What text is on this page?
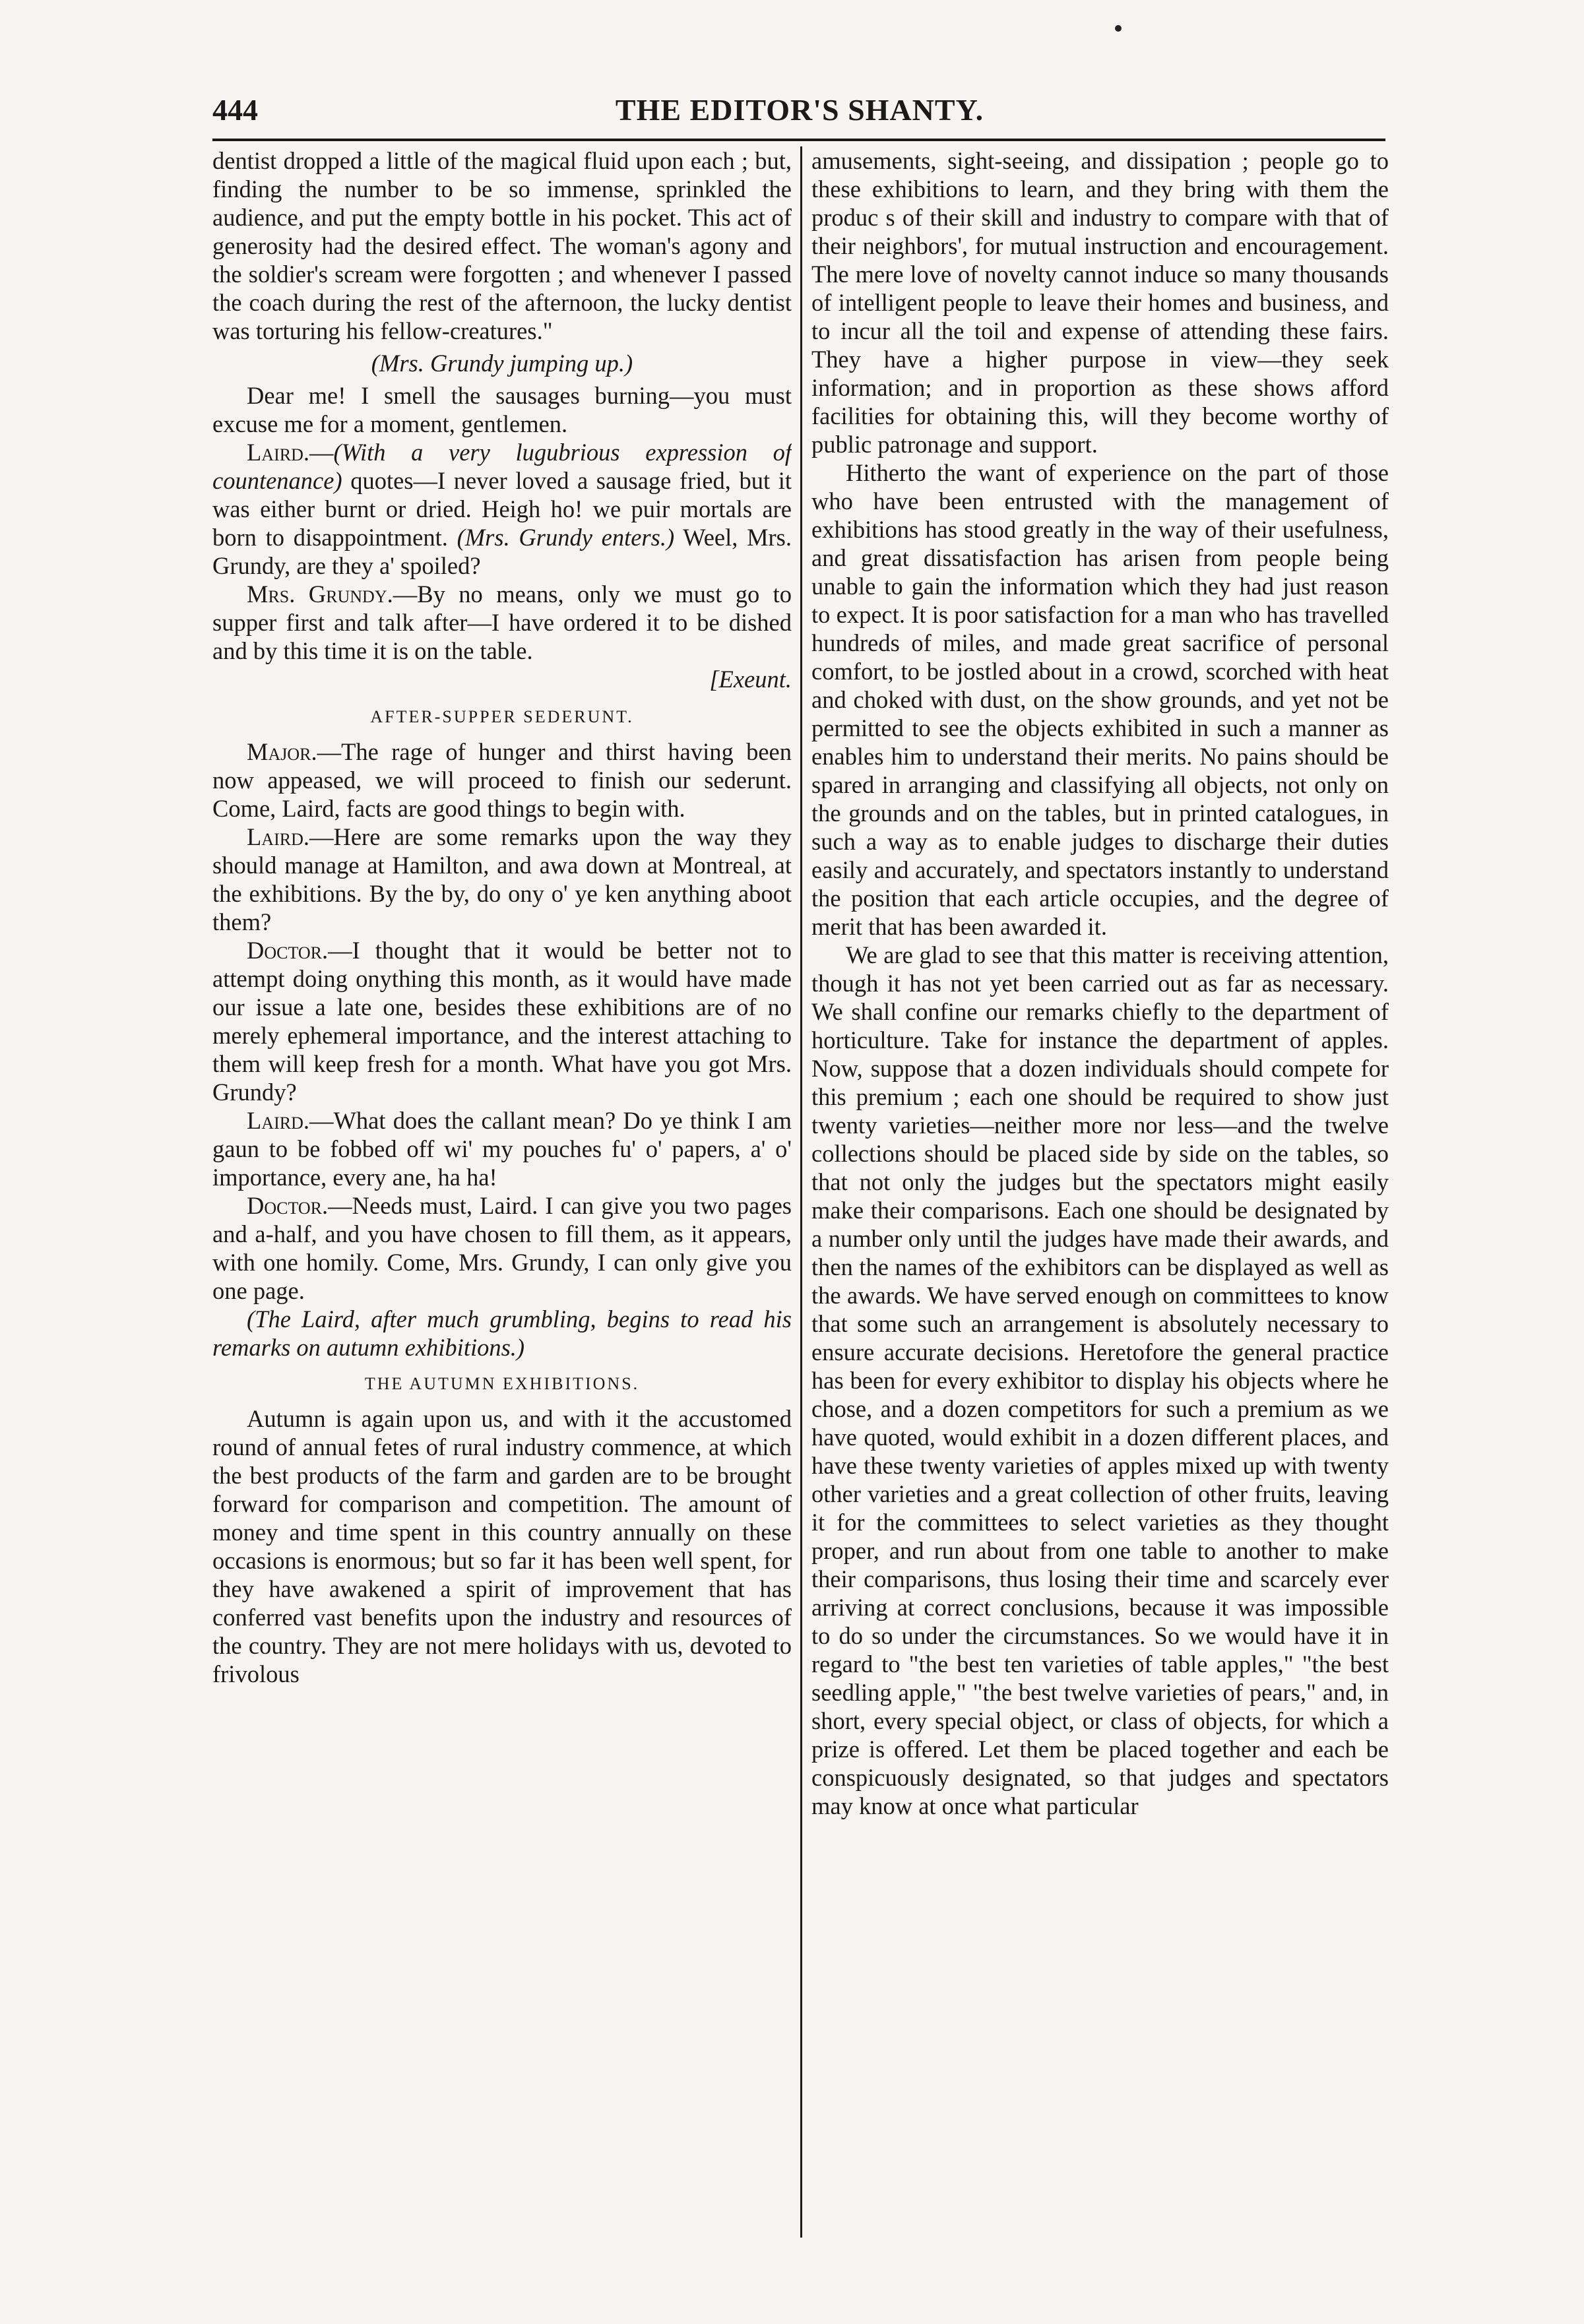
444	THE EDITOR'S SHANTY.

dentist dropped a little of the magical fluid upon each ; but, finding the number to be so immense, sprinkled the audience, and put the empty bottle in his pocket. This act of generosity had the desired effect. The woman's agony and the soldier's scream were forgotten ; and whenever I passed the coach during the rest of the afternoon, the lucky dentist was torturing his fellow-creatures."

(Mrs. Grundy jumping up.)

Dear me! I smell the sausages burning—you must excuse me for a moment, gentlemen.

Laird.—(With a very lugubrious expression of countenance) quotes—I never loved a sausage fried, but it was either burnt or dried. Heigh ho! we puir mortals are born to disappointment. (Mrs. Grundy enters.) Weel, Mrs. Grundy, are they a' spoiled?

Mrs. Grundy.—By no means, only we must go to supper first and talk after—I have ordered it to be dished and by this time it is on the table.

[Exeunt.

AFTER-SUPPER SEDERUNT.

Major.—The rage of hunger and thirst having been now appeased, we will proceed to finish our sederunt. Come, Laird, facts are good things to begin with.

Laird.—Here are some remarks upon the way they should manage at Hamilton, and awa down at Montreal, at the exhibitions. By the by, do ony o' ye ken anything aboot them?

Doctor.—I thought that it would be better not to attempt doing onything this month, as it would have made our issue a late one, besides these exhibitions are of no merely ephemeral importance, and the interest attaching to them will keep fresh for a month. What have you got Mrs. Grundy?

Laird.—What does the callant mean? Do ye think I am gaun to be fobbed off wi' my pouches fu' o' papers, a' o' importance, every ane, ha ha!

Doctor.—Needs must, Laird. I can give you two pages and a-half, and you have chosen to fill them, as it appears, with one homily. Come, Mrs. Grundy, I can only give you one page.

(The Laird, after much grumbling, begins to read his remarks on autumn exhibitions.)

THE AUTUMN EXHIBITIONS.

Autumn is again upon us, and with it the accustomed round of annual fetes of rural industry commence, at which the best products of the farm and garden are to be brought forward for comparison and competition. The amount of money and time spent in this country annually on these occasions is enormous; but so far it has been well spent, for they have awakened a spirit of improvement that has conferred vast benefits upon the industry and resources of the country. They are not mere holidays with us, devoted to frivolous

amusements, sight-seeing, and dissipation ; people go to these exhibitions to learn, and they bring with them the produc s of their skill and industry to compare with that of their neighbors', for mutual instruction and encouragement. The mere love of novelty cannot induce so many thousands of intelligent people to leave their homes and business, and to incur all the toil and expense of attending these fairs. They have a higher purpose in view—they seek information; and in proportion as these shows afford facilities for obtaining this, will they become worthy of public patronage and support.

Hitherto the want of experience on the part of those who have been entrusted with the management of exhibitions has stood greatly in the way of their usefulness, and great dissatisfaction has arisen from people being unable to gain the information which they had just reason to expect. It is poor satisfaction for a man who has travelled hundreds of miles, and made great sacrifice of personal comfort, to be jostled about in a crowd, scorched with heat and choked with dust, on the show grounds, and yet not be permitted to see the objects exhibited in such a manner as enables him to understand their merits. No pains should be spared in arranging and classifying all objects, not only on the grounds and on the tables, but in printed catalogues, in such a way as to enable judges to discharge their duties easily and accurately, and spectators instantly to understand the position that each article occupies, and the degree of merit that has been awarded it.

We are glad to see that this matter is receiving attention, though it has not yet been carried out as far as necessary. We shall confine our remarks chiefly to the department of horticulture. Take for instance the department of apples. Now, suppose that a dozen individuals should compete for this premium ; each one should be required to show just twenty varieties—neither more nor less—and the twelve collections should be placed side by side on the tables, so that not only the judges but the spectators might easily make their comparisons. Each one should be designated by a number only until the judges have made their awards, and then the names of the exhibitors can be displayed as well as the awards. We have served enough on committees to know that some such an arrangement is absolutely necessary to ensure accurate decisions. Heretofore the general practice has been for every exhibitor to display his objects where he chose, and a dozen competitors for such a premium as we have quoted, would exhibit in a dozen different places, and have these twenty varieties of apples mixed up with twenty other varieties and a great collection of other fruits, leaving it for the committees to select varieties as they thought proper, and run about from one table to another to make their comparisons, thus losing their time and scarcely ever arriving at correct conclusions, because it was impossible to do so under the circumstances. So we would have it in regard to "the best ten varieties of table apples," "the best seedling apple," "the best twelve varieties of pears," and, in short, every special object, or class of objects, for which a prize is offered. Let them be placed together and each be conspicuously designated, so that judges and spectators may know at once what particular
